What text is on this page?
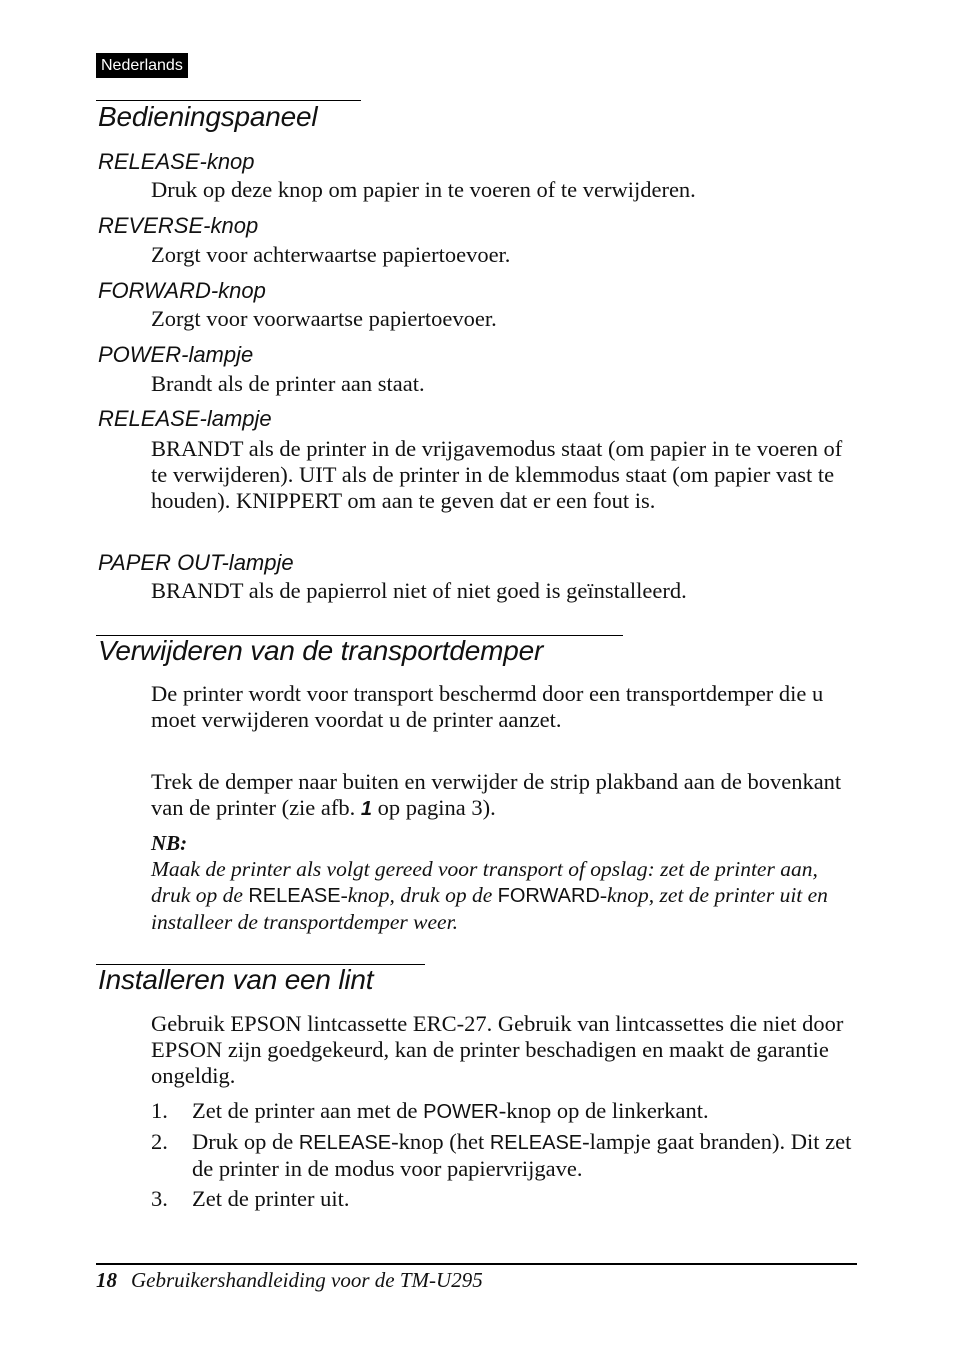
Nederlands
Bedieningspaneel
RELEASE-knop

Druk op deze knop om papier in te voeren of te verwijderen.

REVERSE-knop

Zorgt voor achterwaartse papiertoevoer.

FORWARD-knop

Zorgt voor voorwaartse papiertoevoer.

POWER-lampje

Brandt als de printer aan staat.

RELEASE-lampje

BRANDT als de printer in de vrijgavemodus staat (om papier in te voeren of te verwijderen). UIT als de printer in de klemmodus staat (om papier vast te houden). KNIPPERT om aan te geven dat er een fout is.

PAPER OUT-lampje

BRANDT als de papierrol niet of niet goed is geïnstalleerd.

Verwijderen van de transportdemper

De printer wordt voor transport beschermd door een transportdemper die u moet verwijderen voordat u de printer aanzet.

Trek de demper naar buiten en verwijder de strip plakband aan de bovenkant van de printer (zie afb. 1 op pagina 3).

NB:

Maak de printer als volgt gereed voor transport of opslag: zet de printer aan, druk op de RELEASE-knop, druk op de FORWARD-knop, zet de printer uit en installeer de transportdemper weer.

Installeren van een lint

Gebruik EPSON lintcassette ERC-27. Gebruik van lintcassettes die niet door EPSON zijn goedgekeurd, kan de printer beschadigen en maakt de garantie ongeldig.

1. Zet de printer aan met de POWER-knop op de linkerkant.

2. Druk op de RELEASE-knop (het RELEASE-lampje gaat branden). Dit zet de printer in de modus voor papiervrijgave.

3. Zet de printer uit.

18 Gebruikershandleiding voor de TM-U295
